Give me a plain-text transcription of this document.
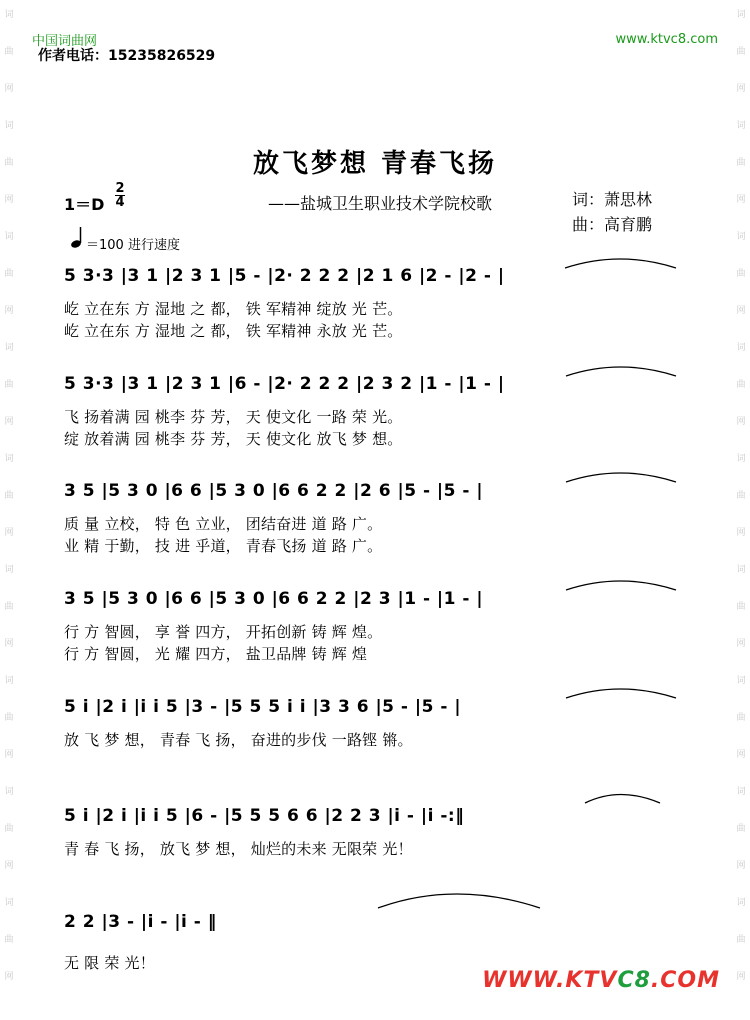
词
曲
网
词
曲
网
词
曲
网
词
曲
网
词
曲
网
词
曲
网
词
曲
网
词
曲
网
词
曲
网
词
曲
网
词
曲
网
词
曲
网
词
曲
网
词
曲
网
词
曲
网
词
曲
网
词
曲
网
词
曲
网
中国词曲网
作者电话：15235826529
www.ktvc8.com
放飞梦想 青春飞扬
1＝D
2
4	——盐城卫生职业技术学院校歌	词：萧思林
曲：高育鹏
＝100 进行速度
5 3·3 |3 1 |2 3 1 |5 - |2· 2 2 2 |2 1 6 |2 - |2 - |
屹 立在东 方 湿地 之 都， 铁 军精神 绽放 光 芒。
屹 立在东 方 湿地 之 都， 铁 军精神 永放 光 芒。
5 3·3 |3 1 |2 3 1 |6 - |2· 2 2 2 |2 3 2 |1 - |1 - |
飞 扬着满 园 桃李 芬 芳， 天 使文化 一路 荣 光。
绽 放着满 园 桃李 芬 芳， 天 使文化 放飞 梦 想。
3 5 |5 3 0 |6 6 |5 3 0 |6 6 2 2 |2 6 |5 - |5 - |
质 量 立校， 特 色 立业， 团结奋进 道 路 广。
业 精 于勤， 技 进 乎道， 青春飞扬 道 路 广。
3 5 |5 3 0 |6 6 |5 3 0 |6 6 2 2 |2 3 |1 - |1 - |
行 方 智圆， 享 誉 四方， 开拓创新 铸 辉 煌。
行 方 智圆， 光 耀 四方， 盐卫品牌 铸 辉 煌
5 i |2 i |i i 5 |3 - |5 5 5 i i |3 3 6 |5 - |5 - |
放 飞 梦 想， 青春 飞 扬， 奋进的步伐 一路铿 锵。
5 i |2 i |i i 5 |6 - |5 5 5 6 6 |2 2 3 |i - |i -:‖
青 春 飞 扬， 放飞 梦 想， 灿烂的未来 无限荣 光！
2 2 |3 - |i - |i - ‖
无 限 荣 光！
WWW.KTVC8.COM
